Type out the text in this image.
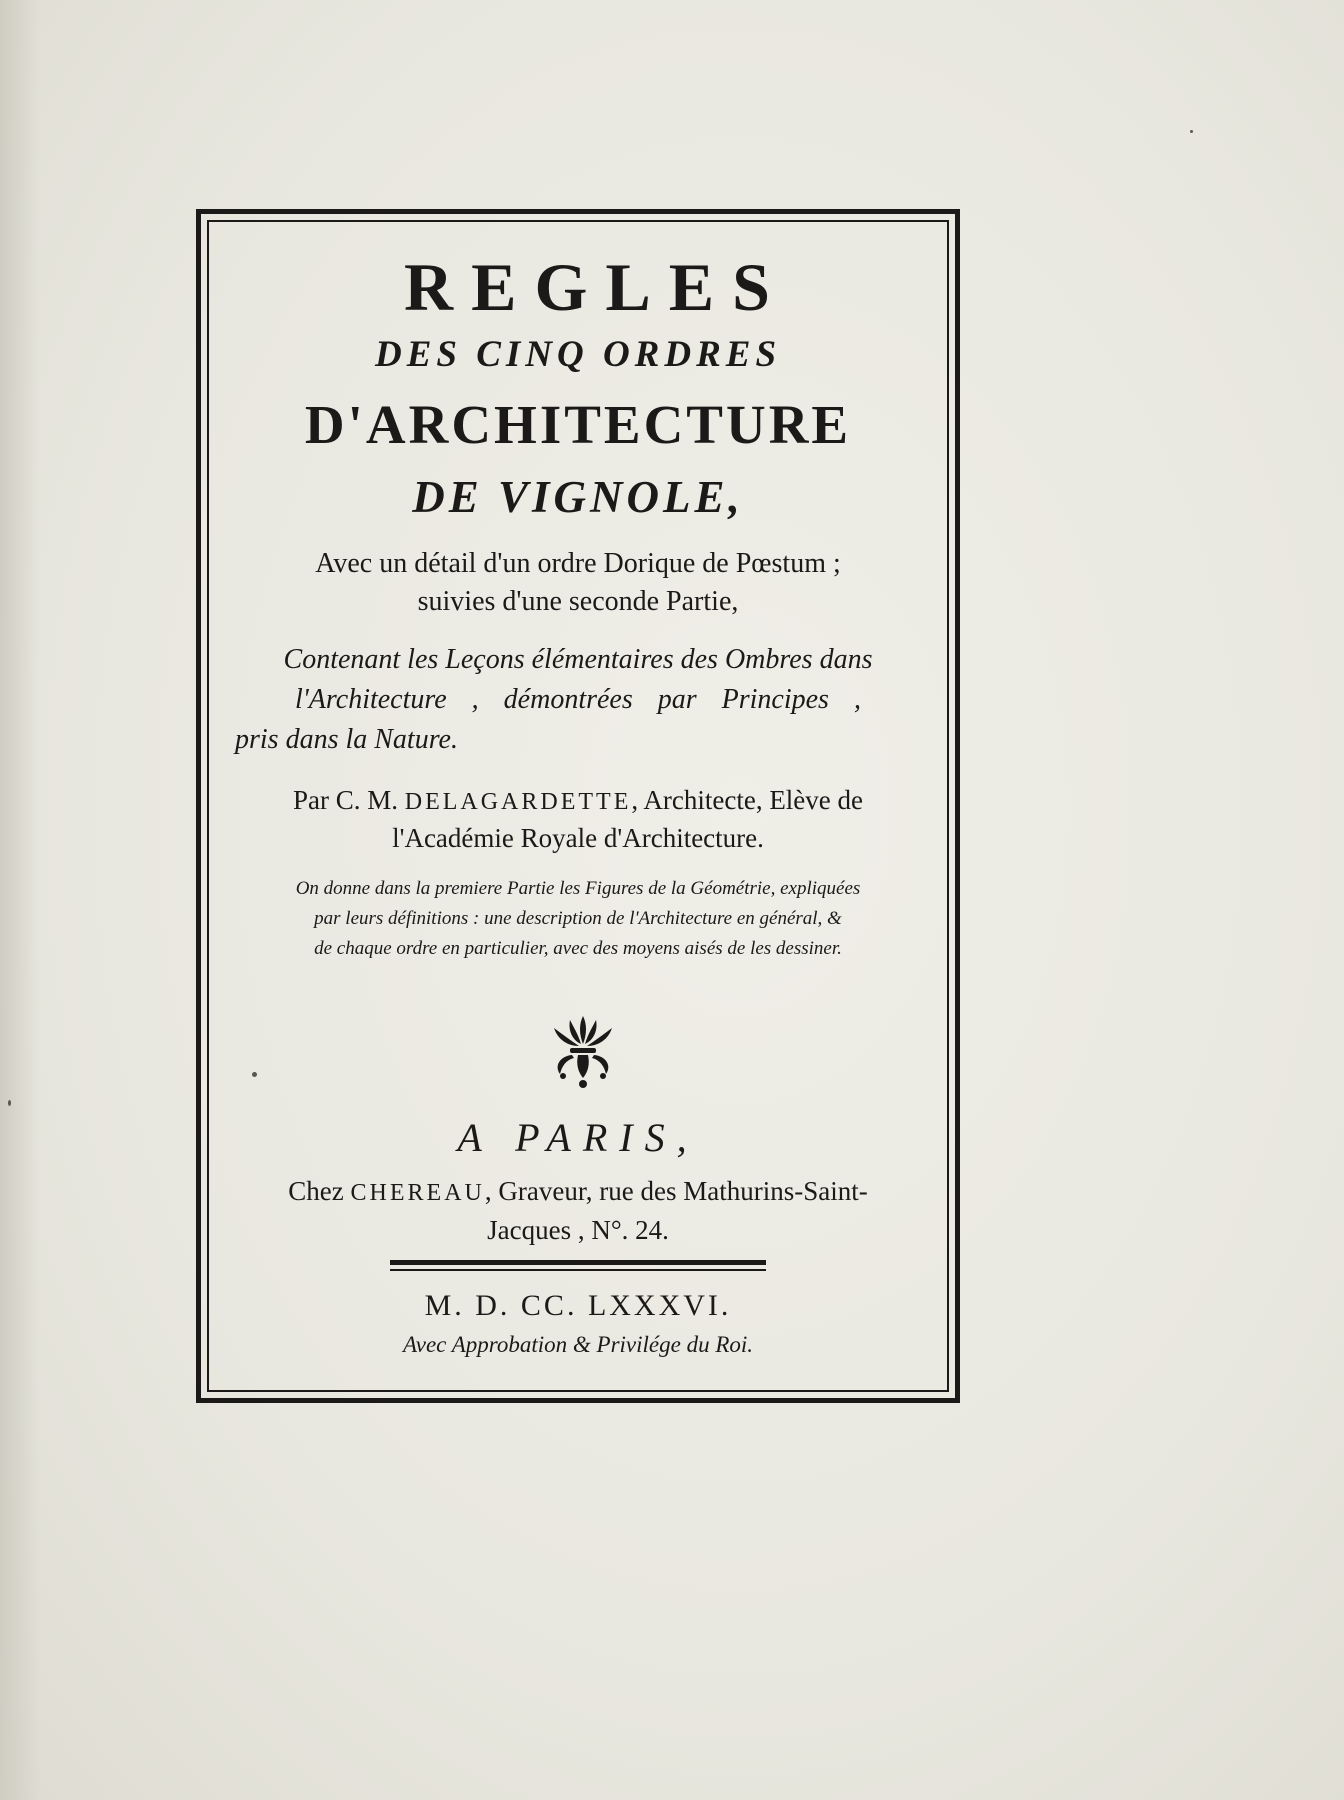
REGLES
DES CINQ ORDRES
D'ARCHITECTURE
DE VIGNOLE,
Avec un détail d'un ordre Dorique de Pœstum ;
suivies d'une seconde Partie,
Contenant les Leçons élémentaires des Ombres dans
l'Architecture , démontrées par Principes ,
pris dans la Nature.
Par C. M. DELAGARDETTE, Architecte, Elève de
l'Académie Royale d'Architecture.
On donne dans la premiere Partie les Figures de la Géométrie, expliquées
par leurs définitions : une description de l'Architecture en général, &
de chaque ordre en particulier, avec des moyens aisés de les dessiner.
A PARIS,
Chez CHEREAU, Graveur, rue des Mathurins-Saint-
Jacques , N°. 24.
M. D. CC. LXXXVI.
Avec Approbation & Privilége du Roi.
